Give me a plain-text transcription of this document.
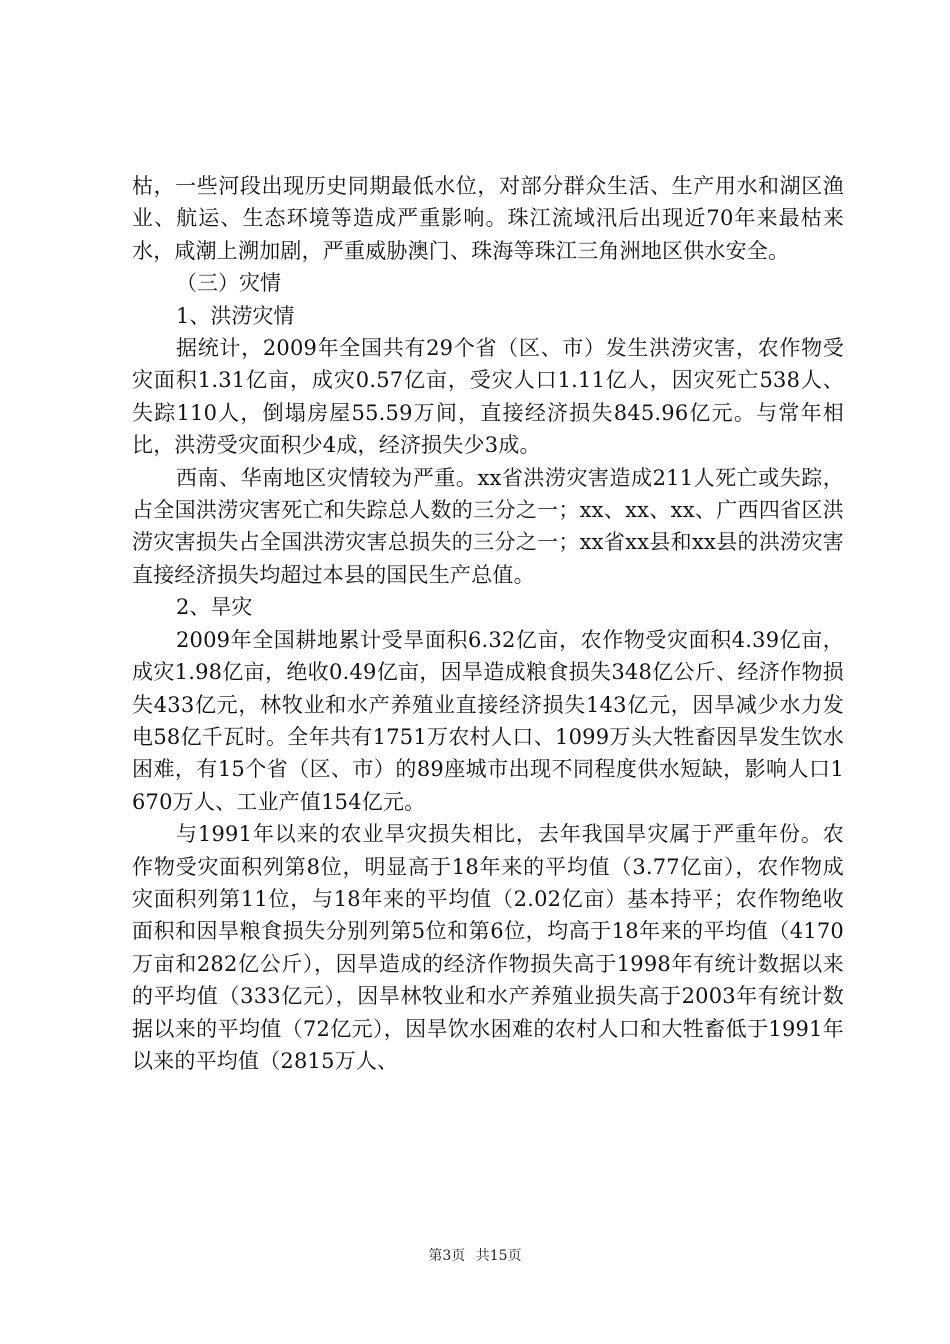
枯，一些河段出现历史同期最低水位，对部分群众生活、生产用水和湖区渔业、航运、生态环境等造成严重影响。珠江流域汛后出现近70年来最枯来水，咸潮上溯加剧，严重威胁澳门、珠海等珠江三角洲地区供水安全。

（三）灾情

1、洪涝灾情

据统计，2009年全国共有29个省（区、市）发生洪涝灾害，农作物受灾面积1.31亿亩，成灾0.57亿亩，受灾人口1.11亿人，因灾死亡538人、失踪110人，倒塌房屋55.59万间，直接经济损失845.96亿元。与常年相比，洪涝受灾面积少4成，经济损失少3成。

西南、华南地区灾情较为严重。xx省洪涝灾害造成211人死亡或失踪，占全国洪涝灾害死亡和失踪总人数的三分之一；xx、xx、xx、广西四省区洪涝灾害损失占全国洪涝灾害总损失的三分之一；xx省xx县和xx县的洪涝灾害直接经济损失均超过本县的国民生产总值。

2、旱灾

2009年全国耕地累计受旱面积6.32亿亩，农作物受灾面积4.39亿亩，成灾1.98亿亩，绝收0.49亿亩，因旱造成粮食损失348亿公斤、经济作物损失433亿元，林牧业和水产养殖业直接经济损失143亿元，因旱减少水力发电58亿千瓦时。全年共有1751万农村人口、1099万头大牲畜因旱发生饮水困难，有15个省（区、市）的89座城市出现不同程度供水短缺，影响人口1670万人、工业产值154亿元。

与1991年以来的农业旱灾损失相比，去年我国旱灾属于严重年份。农作物受灾面积列第8位，明显高于18年来的平均值（3.77亿亩），农作物成灾面积列第11位，与18年来的平均值（2.02亿亩）基本持平；农作物绝收面积和因旱粮食损失分别列第5位和第6位，均高于18年来的平均值（4170万亩和282亿公斤），因旱造成的经济作物损失高于1998年有统计数据以来的平均值（333亿元），因旱林牧业和水产养殖业损失高于2003年有统计数据以来的平均值（72亿元），因旱饮水困难的农村人口和大牲畜低于1991年以来的平均值（2815万人、

第3页 共15页
